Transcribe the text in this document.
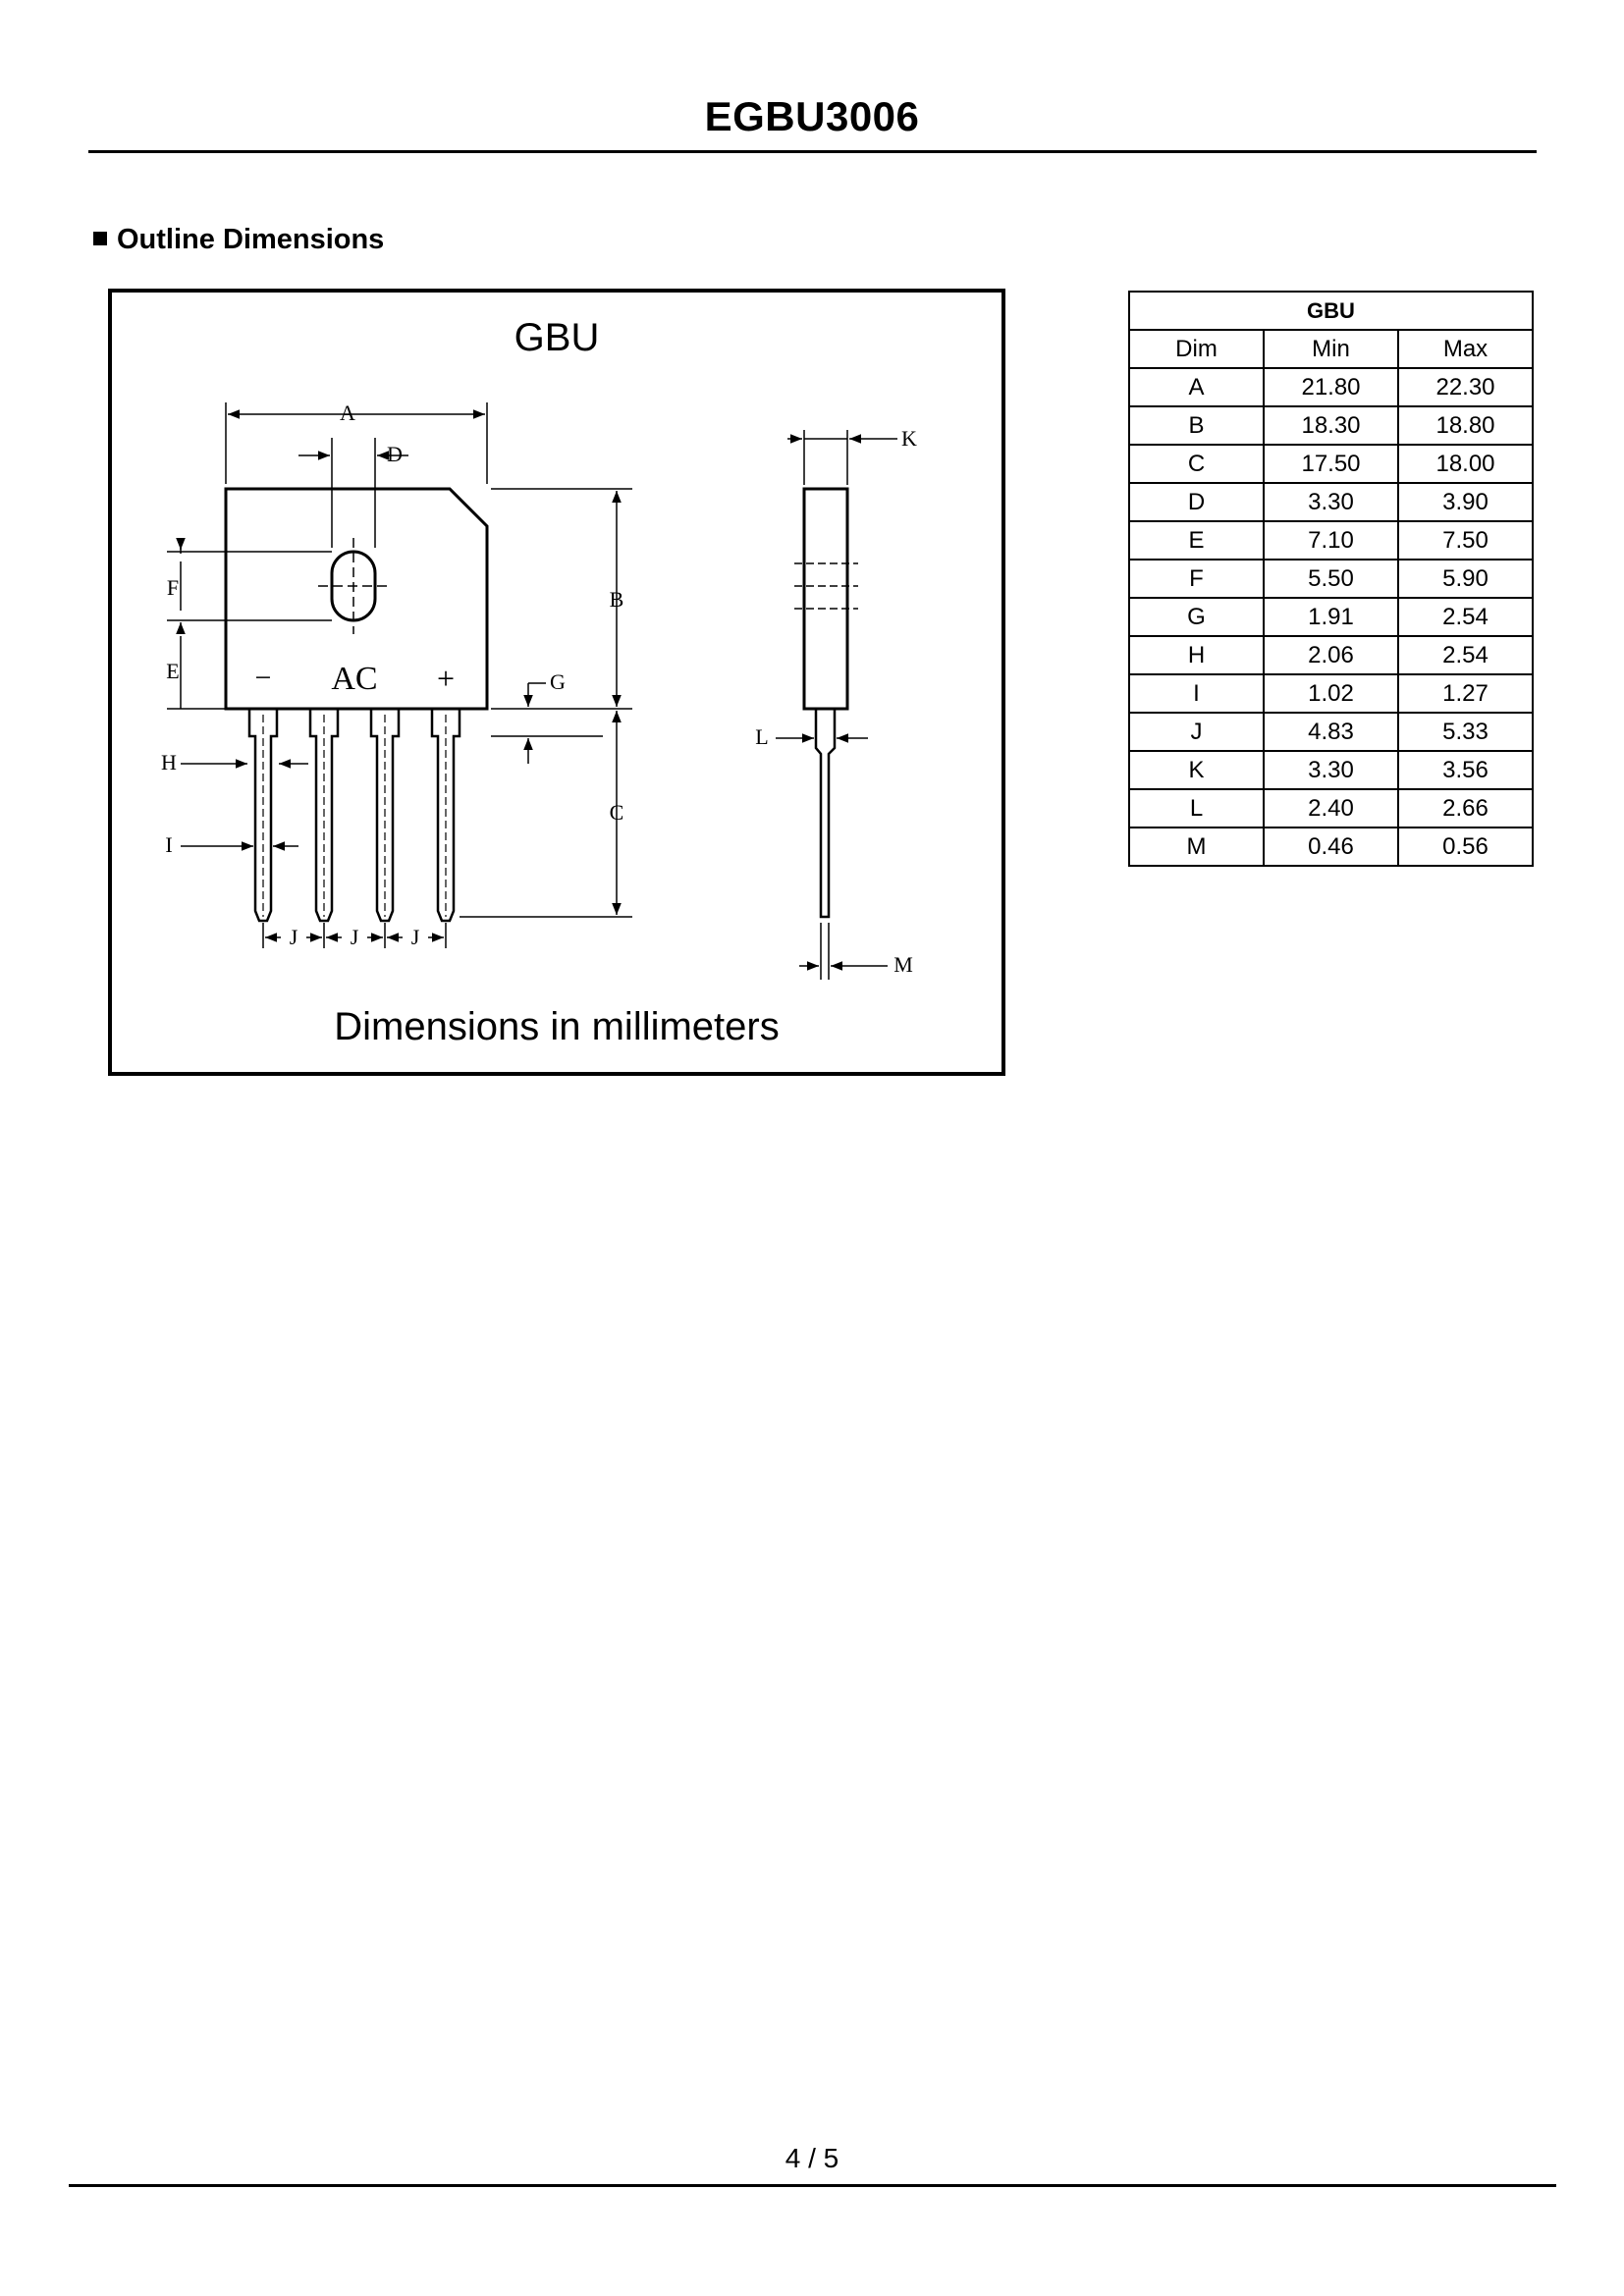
EGBU3006
Outline Dimensions
GBU
A
D
F
E
B
G
H
I
C
J J J
K
L
M
− AC +
Dimensions in millimeters
GBU		
Dim	Min	Max
A	21.80	22.30
B	18.30	18.80
C	17.50	18.00
D	3.30	3.90
E	7.10	7.50
F	5.50	5.90
G	1.91	2.54
H	2.06	2.54
I	1.02	1.27
J	4.83	5.33
K	3.30	3.56
L	2.40	2.66
M	0.46	0.56
4 / 5
